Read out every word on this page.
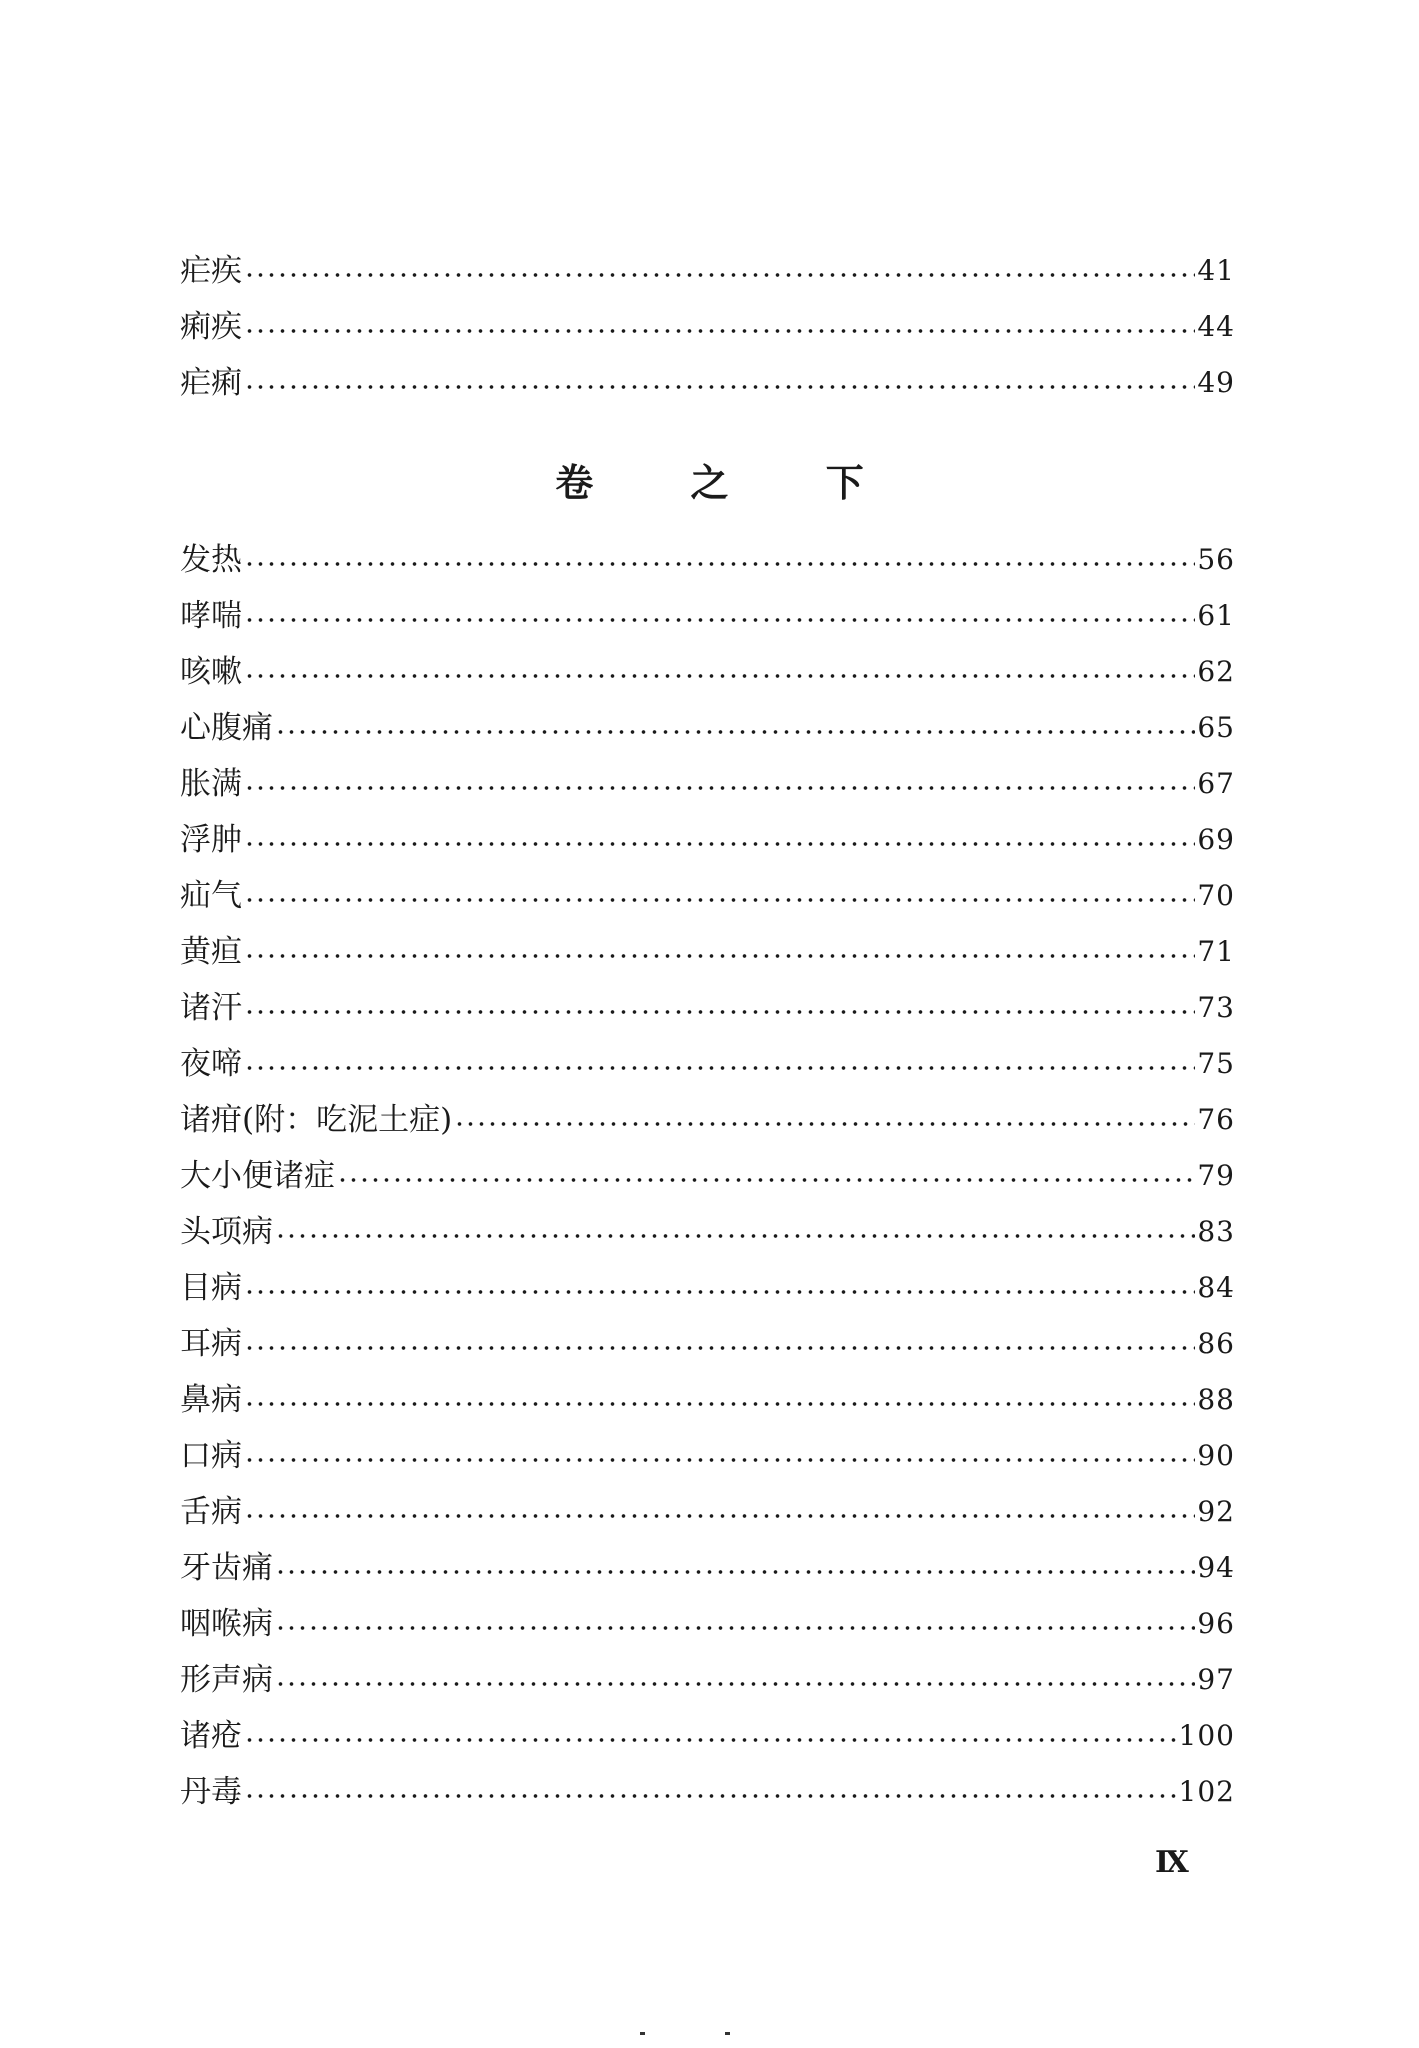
疟疾	41
痢疾	44
疟痢	49
卷 之 下
发热	56
哮喘	61
咳嗽	62
心腹痛	65
胀满	67
浮肿	69
疝气	70
黄疸	71
诸汗	73
夜啼	75
诸疳(附：吃泥土症)	76
大小便诸症	79
头项病	83
目病	84
耳病	86
鼻病	88
口病	90
舌病	92
牙齿痛	94
咽喉病	96
形声病	97
诸疮	100
丹毒	102
Ⅸ
